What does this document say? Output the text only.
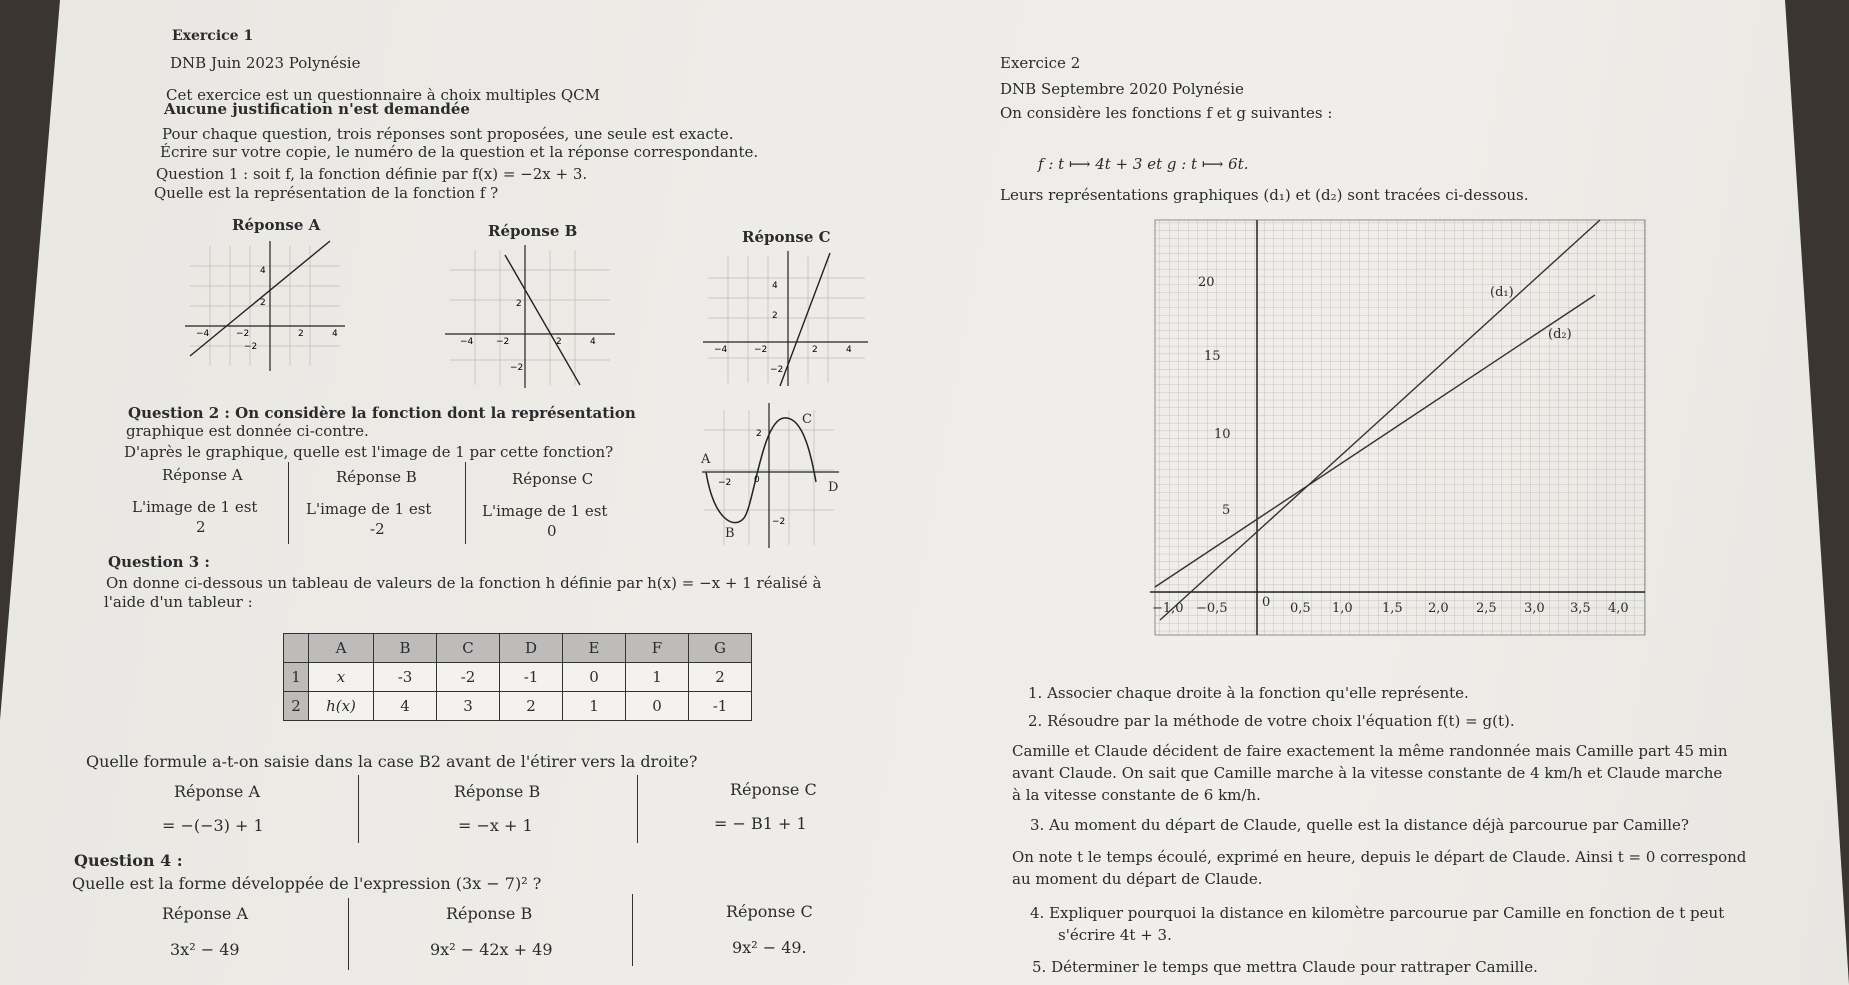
Exercice 1
DNB Juin 2023 Polynésie
Cet exercice est un questionnaire à choix multiples QCM
Aucune justification n'est demandée
Pour chaque question, trois réponses sont proposées, une seule est exacte.
Écrire sur votre copie, le numéro de la question et la réponse correspondante.
Question 1 : soit f, la fonction définie par f(x) = −2x + 3.
Quelle est la représentation de la fonction f ?
Réponse A	Réponse B	Réponse C
−4	−2	2	4
4
2
−2	−4	−2	2	4
2
−2
−4	−2	2	4
4
2
−2
Question 2 : On considère la fonction dont la représentation
graphique est donnée ci-contre.
D'après le graphique, quelle est l'image de 1 par cette fonction?
Réponse A
L'image de 1 est
2
Réponse B
L'image de 1 est
-2
Réponse C
L'image de 1 est
0
2
−2	0
−2
A
B
C
D
Question 3 :
On donne ci-dessous un tableau de valeurs de la fonction h définie par h(x) = −x + 1 réalisé à
l'aide d'un tableur :
	A	B	C	D	E	F	G
1	x	-3	-2	-1	0	1	2
2	h(x)	4	3	2	1	0	-1
Quelle formule a-t-on saisie dans la case B2 avant de l'étirer vers la droite?
Réponse A
= −(−3) + 1
Réponse B
= −x + 1
Réponse C
= − B1 + 1
Question 4 :
Quelle est la forme développée de l'expression (3x − 7)² ?
Réponse A
3x² − 49
Réponse B
9x² − 42x + 49
Réponse C
9x² − 49.
Exercice 2
DNB Septembre 2020 Polynésie
On considère les fonctions f et g suivantes :
f : t ⟼ 4t + 3 et g : t ⟼ 6t.
Leurs représentations graphiques (d₁) et (d₂) sont tracées ci-dessous.
20
15
10
5
−1,0 −0,5	0 0,5 1,0 1,5 2,0 2,5 3,0 3,5 4,0
(d₁)
(d₂)
1. Associer chaque droite à la fonction qu'elle représente.
2. Résoudre par la méthode de votre choix l'équation f(t) = g(t).
Camille et Claude décident de faire exactement la même randonnée mais Camille part 45 min
avant Claude. On sait que Camille marche à la vitesse constante de 4 km/h et Claude marche
à la vitesse constante de 6 km/h.
3. Au moment du départ de Claude, quelle est la distance déjà parcourue par Camille?
On note t le temps écoulé, exprimé en heure, depuis le départ de Claude. Ainsi t = 0 correspond
au moment du départ de Claude.
4. Expliquer pourquoi la distance en kilomètre parcourue par Camille en fonction de t peut
s'écrire 4t + 3.
5. Déterminer le temps que mettra Claude pour rattraper Camille.
